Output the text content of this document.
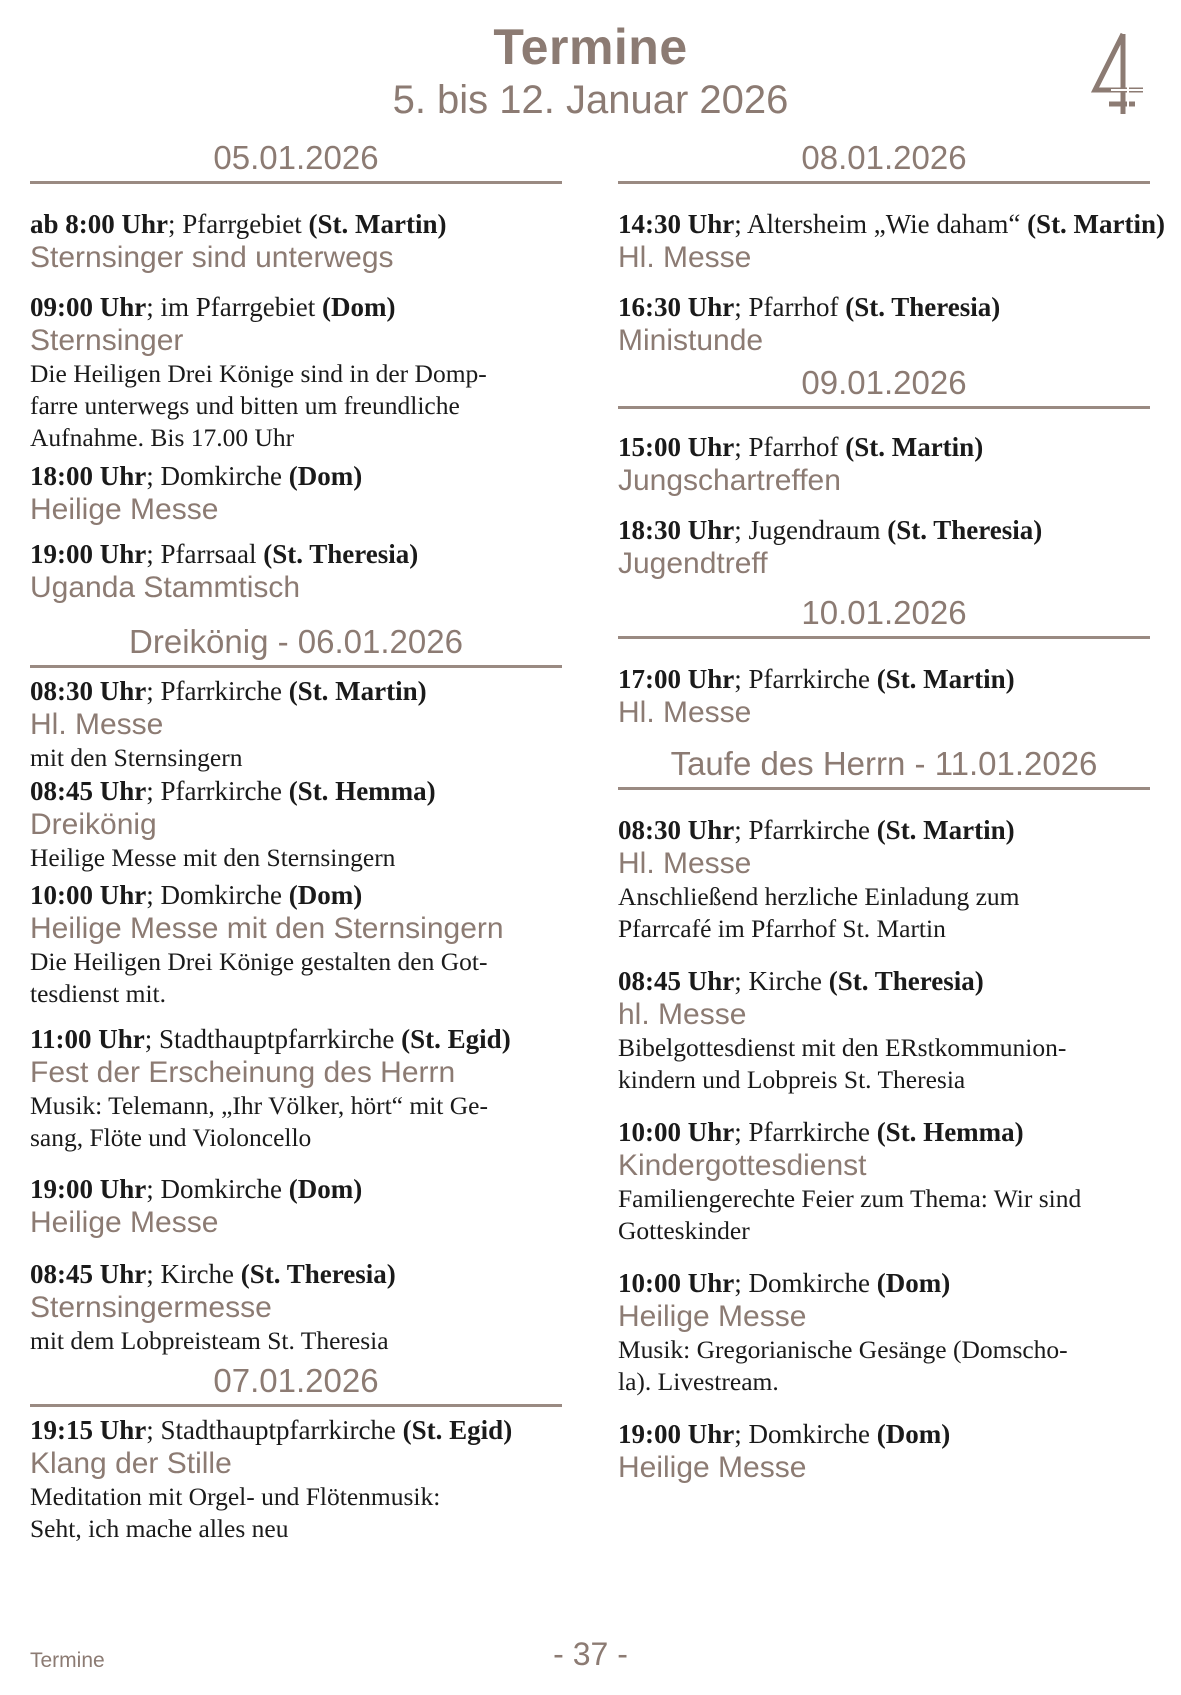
Termine
5. bis 12. Januar 2026
05.01.2026
ab 8:00 Uhr; Pfarrgebiet (St. Martin)
Sternsinger sind unterwegs
09:00 Uhr; im Pfarrgebiet (Dom)
Sternsinger
Die Heiligen Drei Könige sind in der Domp-
farre unterwegs und bitten um freundliche
Aufnahme. Bis 17.00 Uhr
18:00 Uhr; Domkirche (Dom)
Heilige Messe
19:00 Uhr; Pfarrsaal (St. Theresia)
Uganda Stammtisch
Dreikönig - 06.01.2026
08:30 Uhr; Pfarrkirche (St. Martin)
Hl. Messe
mit den Sternsingern
08:45 Uhr; Pfarrkirche (St. Hemma)
Dreikönig
Heilige Messe mit den Sternsingern
10:00 Uhr; Domkirche (Dom)
Heilige Messe mit den Sternsingern
Die Heiligen Drei Könige gestalten den Got-
tesdienst mit.
11:00 Uhr; Stadthauptpfarrkirche (St. Egid)
Fest der Erscheinung des Herrn
Musik: Telemann, „Ihr Völker, hört“ mit Ge-
sang, Flöte und Violoncello
19:00 Uhr; Domkirche (Dom)
Heilige Messe
08:45 Uhr; Kirche (St. Theresia)
Sternsingermesse
mit dem Lobpreisteam St. Theresia
07.01.2026
19:15 Uhr; Stadthauptpfarrkirche (St. Egid)
Klang der Stille
Meditation mit Orgel- und Flötenmusik:
Seht, ich mache alles neu
08.01.2026
14:30 Uhr; Altersheim „Wie daham“ (St. Martin)
Hl. Messe
16:30 Uhr; Pfarrhof (St. Theresia)
Ministunde
09.01.2026
15:00 Uhr; Pfarrhof (St. Martin)
Jungschartreffen
18:30 Uhr; Jugendraum (St. Theresia)
Jugendtreff
10.01.2026
17:00 Uhr; Pfarrkirche (St. Martin)
Hl. Messe
Taufe des Herrn - 11.01.2026
08:30 Uhr; Pfarrkirche (St. Martin)
Hl. Messe
Anschließend herzliche Einladung zum
Pfarrcafé im Pfarrhof St. Martin
08:45 Uhr; Kirche (St. Theresia)
hl. Messe
Bibelgottesdienst mit den ERstkommunion-
kindern und Lobpreis St. Theresia
10:00 Uhr; Pfarrkirche (St. Hemma)
Kindergottesdienst
Familiengerechte Feier zum Thema: Wir sind
Gotteskinder
10:00 Uhr; Domkirche (Dom)
Heilige Messe
Musik: Gregorianische Gesänge (Domscho-
la). Livestream.
19:00 Uhr; Domkirche (Dom)
Heilige Messe
Termine	- 37 -
